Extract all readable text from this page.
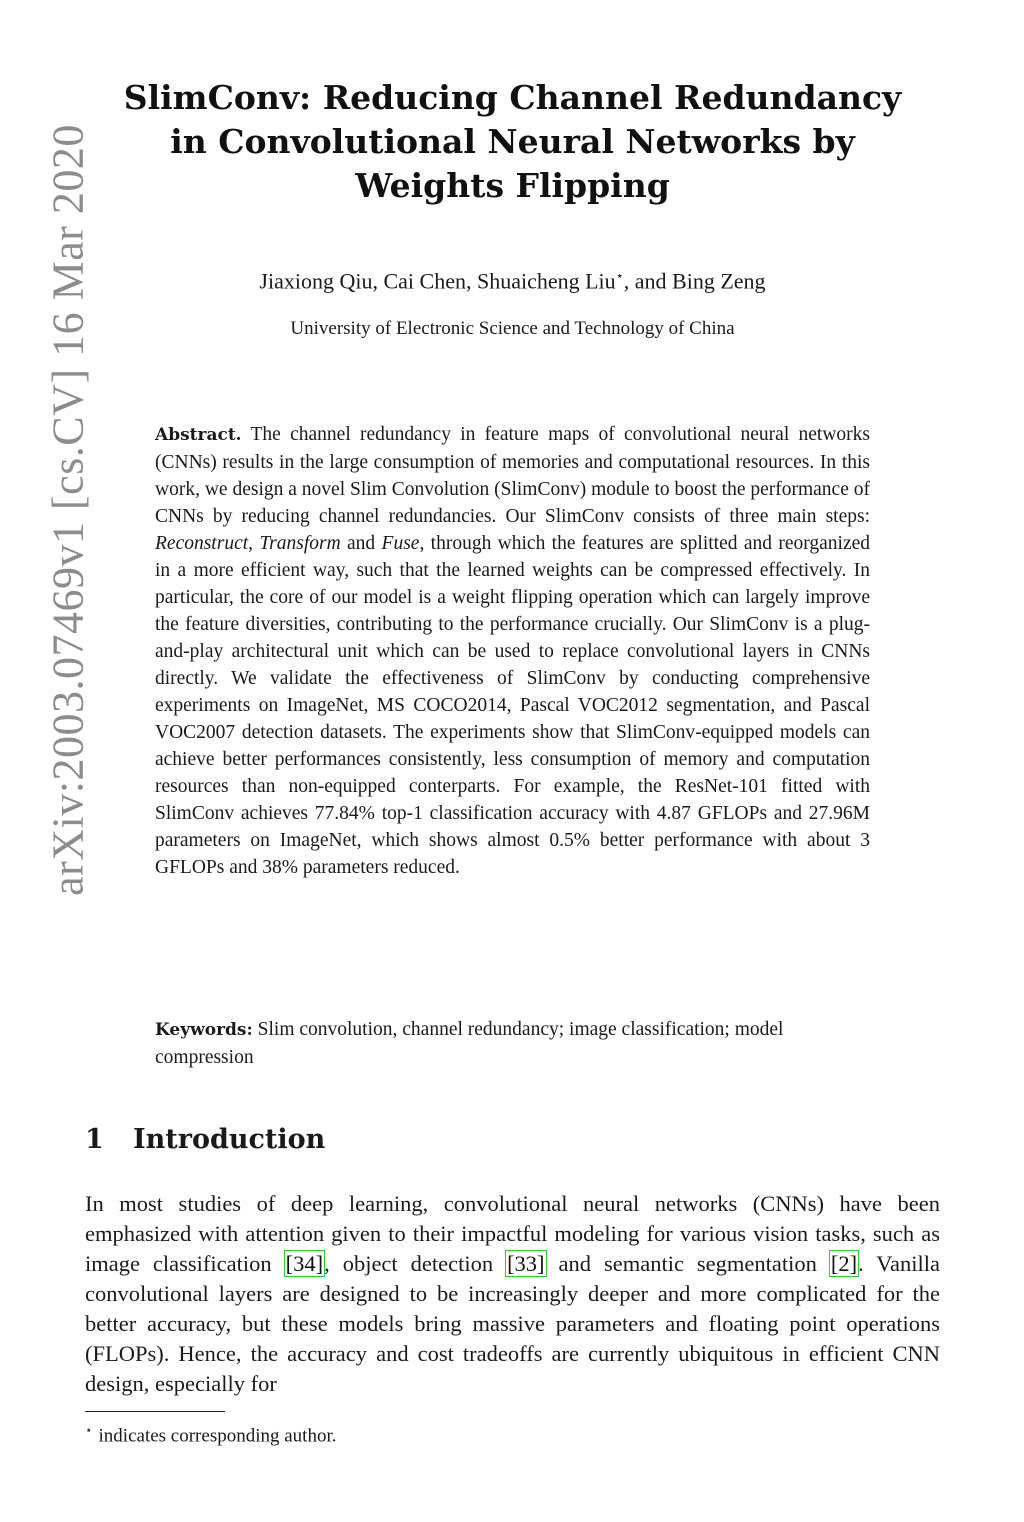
arXiv:2003.07469v1 [cs.CV] 16 Mar 2020
SlimConv: Reducing Channel Redundancy in Convolutional Neural Networks by Weights Flipping
Jiaxiong Qiu, Cai Chen, Shuaicheng Liu⋆, and Bing Zeng
University of Electronic Science and Technology of China

Abstract. The channel redundancy in feature maps of convolutional neural networks (CNNs) results in the large consumption of memories and computational resources. In this work, we design a novel Slim Convolution (SlimConv) module to boost the performance of CNNs by reducing channel redundancies. Our SlimConv consists of three main steps: Reconstruct, Transform and Fuse, through which the features are splitted and reorganized in a more efficient way, such that the learned weights can be compressed effectively. In particular, the core of our model is a weight flipping operation which can largely improve the feature diversities, contributing to the performance crucially. Our SlimConv is a plug-and-play architectural unit which can be used to replace convolutional layers in CNNs directly. We validate the effectiveness of SlimConv by conducting comprehensive experiments on ImageNet, MS COCO2014, Pascal VOC2012 segmentation, and Pascal VOC2007 detection datasets. The experiments show that SlimConv-equipped models can achieve better performances consistently, less consumption of memory and computation resources than non-equipped conterparts. For example, the ResNet-101 fitted with SlimConv achieves 77.84% top-1 classification accuracy with 4.87 GFLOPs and 27.96M parameters on ImageNet, which shows almost 0.5% better performance with about 3 GFLOPs and 38% parameters reduced.

Keywords: Slim convolution, channel redundancy; image classification; model compression

1 Introduction

In most studies of deep learning, convolutional neural networks (CNNs) have been emphasized with attention given to their impactful modeling for various vision tasks, such as image classification [34], object detection [33] and semantic segmentation [2]. Vanilla convolutional layers are designed to be increasingly deeper and more complicated for the better accuracy, but these models bring massive parameters and floating point operations (FLOPs). Hence, the accuracy and cost tradeoffs are currently ubiquitous in efficient CNN design, especially for

⋆ indicates corresponding author.
